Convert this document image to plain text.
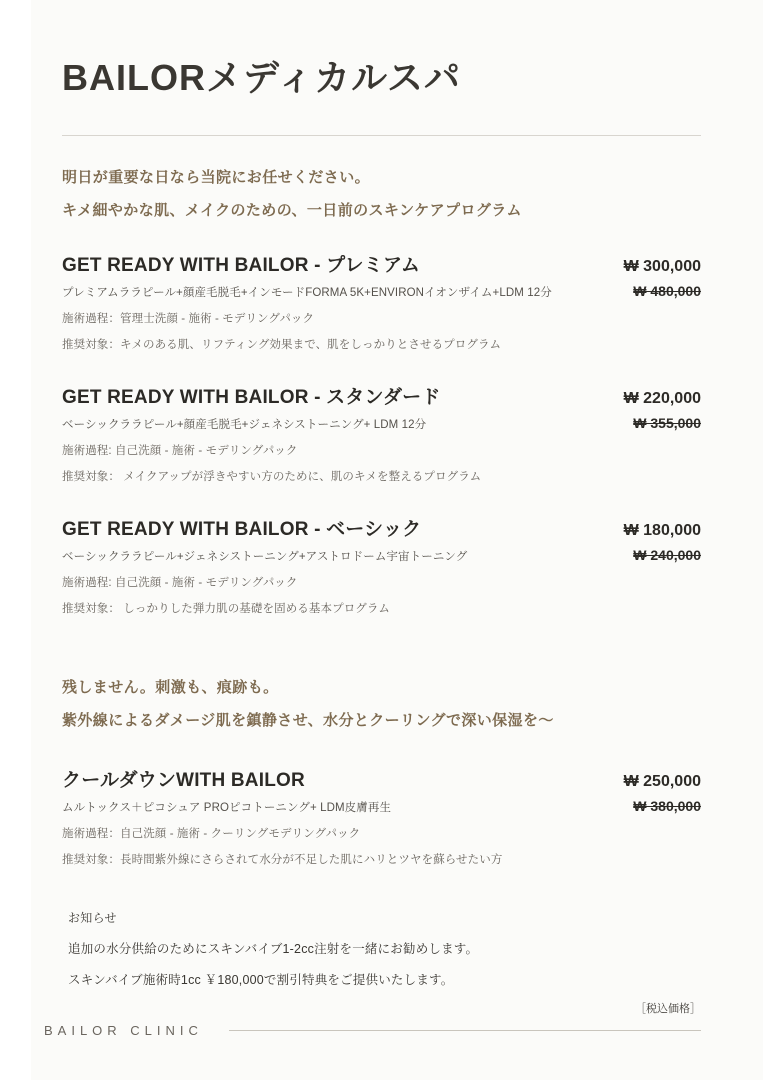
BAILORメディカルスパ
明日が重要な日なら当院にお任せください。
キメ細やかな肌、メイクのための、一日前のスキンケアプログラム
GET READY WITH BAILOR - プレミアム	₩ 300,000
プレミアムララピール+顔産毛脱毛+インモードFORMA 5K+ENVIRONイオンザイム+LDM 12分	₩ 480,000
施術過程：管理士洗顔 - 施術 - モデリングパック
推奨対象：キメのある肌、リフティング効果まで、肌をしっかりとさせるプログラム
GET READY WITH BAILOR - スタンダード	₩ 220,000
ベーシックララピール+顔産毛脱毛+ジェネシストーニング+ LDM 12分	₩ 355,000
施術過程: 自己洗顔 - 施術 - モデリングパック
推奨対象： メイクアップが浮きやすい方のために、肌のキメを整えるプログラム
GET READY WITH BAILOR - ベーシック	₩ 180,000
ベーシックララピール+ジェネシストーニング+アストロドーム宇宙トーニング	₩ 240,000
施術過程: 自己洗顔 - 施術 - モデリングパック
推奨対象： しっかりした弾力肌の基礎を固める基本プログラム
残しません。刺激も、痕跡も。
紫外線によるダメージ肌を鎮静させ、水分とクーリングで深い保湿を〜
クールダウンWITH BAILOR	₩ 250,000
ムルトックス＋ピコシュア PROピコトーニング+ LDM皮膚再生	₩ 380,000
施術過程：自己洗顔 - 施術 - クーリングモデリングパック
推奨対象：長時間紫外線にさらされて水分が不足した肌にハリとツヤを蘇らせたい方
お知らせ
追加の水分供給のためにスキンバイブ1-2cc注射を一緒にお勧めします。
スキンバイブ施術時1cc ￥180,000で割引特典をご提供いたします。
［税込価格］
BAILOR CLINIC
